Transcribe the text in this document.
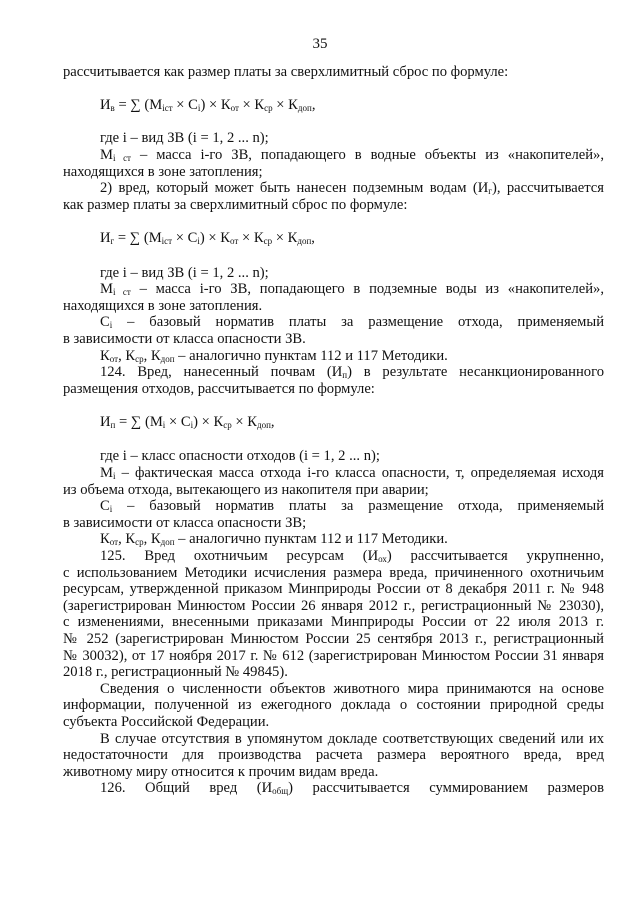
35
рассчитывается как размер платы за сверхлимитный сброс по формуле:
$И_в$ = ∑ $(М_{iст} \times С_i) \times К_{от} \times К_{ср} \times К_{доп}$,
где i – вид ЗВ (i = 1, 2 ... n);
$М_{i ст}$ – масса i-го ЗВ, попадающего в водные объекты из «накопителей»,
находящихся в зоне затопления;
2) вред, который может быть нанесен подземным водам $(И_г)$, рассчитывается
как размер платы за сверхлимитный сброс по формуле:
$И_г$ = ∑ $(М_{iст} \times С_i) \times К_{от} \times К_{ср} \times К_{доп}$,
где i – вид ЗВ (i = 1, 2 ... n);
$М_{i ст}$ – масса i-го ЗВ, попадающего в подземные воды из «накопителей»,
находящихся в зоне затопления.
$С_i$ – базовый норматив платы за размещение отхода, применяемый
в зависимости от класса опасности ЗВ.
$К_{от}$, $К_{ср}$, $К_{доп}$ – аналогично пунктам 112 и 117 Методики.
124. Вред, нанесенный почвам $(И_п)$ в результате несанкционированного
размещения отходов, рассчитывается по формуле:
$И_п$ = ∑ $(М_i \times С_i) \times К_{ср} \times К_{доп}$,
где i – класс опасности отходов (i = 1, 2 ... n);
$М_i$ – фактическая масса отхода i-го класса опасности, т, определяемая исходя
из объема отхода, вытекающего из накопителя при аварии;
$С_i$ – базовый норматив платы за размещение отхода, применяемый
в зависимости от класса опасности ЗВ;
$К_{от}$, $К_{ср}$, $К_{доп}$ – аналогично пунктам 112 и 117 Методики.
125. Вред охотничьим ресурсам $(И_{ох})$ рассчитывается укрупненно,
с использованием Методики исчисления размера вреда, причиненного охотничьим
ресурсам, утвержденной приказом Минприроды России от 8 декабря 2011 г. № 948
(зарегистрирован Минюстом России 26 января 2012 г., регистрационный № 23030),
с изменениями, внесенными приказами Минприроды России от 22 июля 2013 г.
№ 252 (зарегистрирован Минюстом России 25 сентября 2013 г., регистрационный
№ 30032), от 17 ноября 2017 г. № 612 (зарегистрирован Минюстом России 31 января
2018 г., регистрационный № 49845).
Сведения о численности объектов животного мира принимаются на основе
информации, полученной из ежегодного доклада о состоянии природной среды
субъекта Российской Федерации.
В случае отсутствия в упомянутом докладе соответствующих сведений или их
недостаточности для производства расчета размера вероятного вреда, вред
животному миру относится к прочим видам вреда.
126. Общий вред $(И_{общ})$ рассчитывается суммированием размеров
